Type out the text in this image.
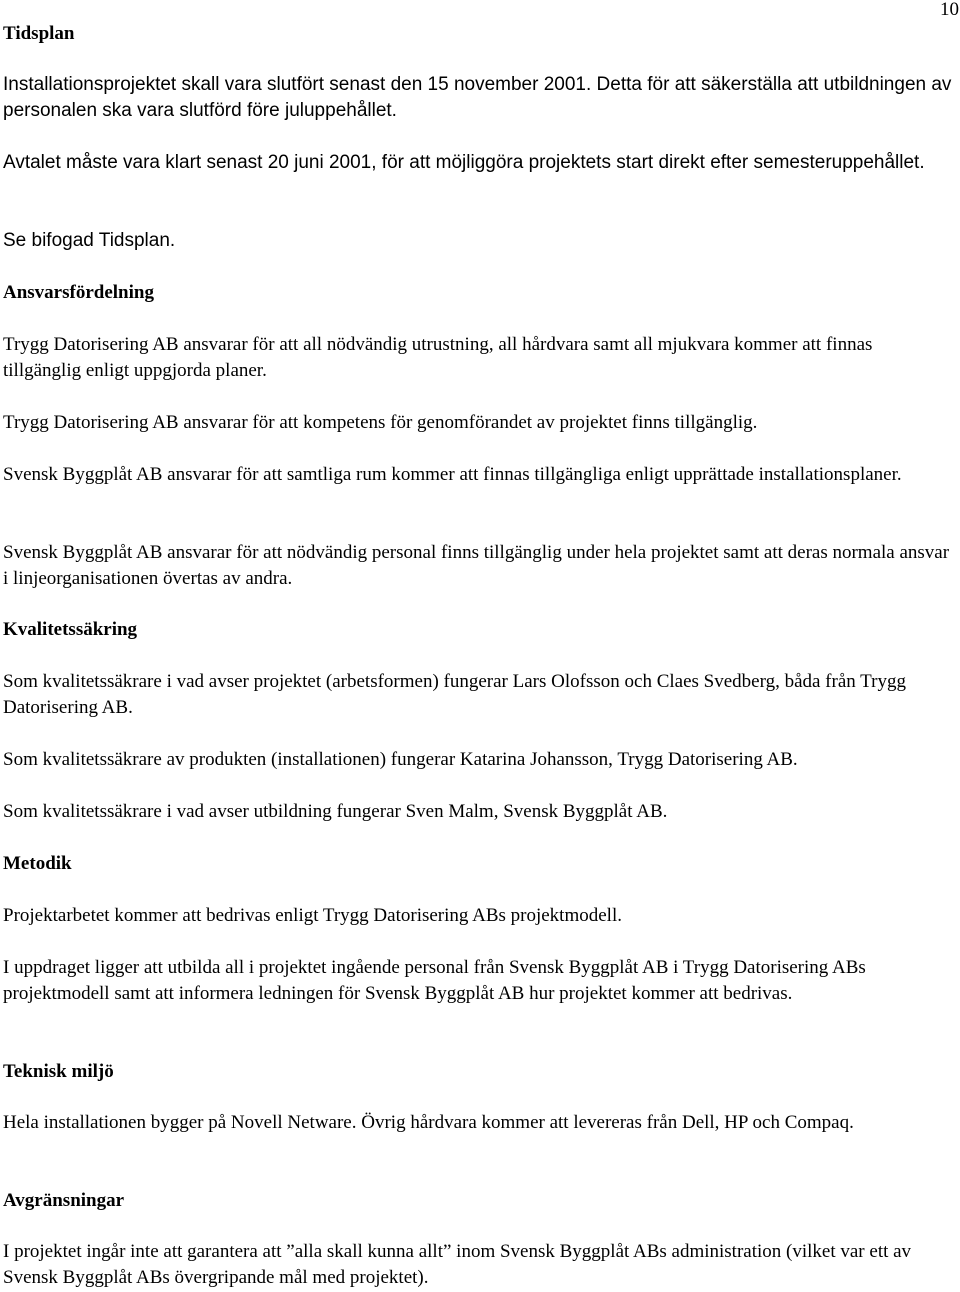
10
Tidsplan

Installationsprojektet skall vara slutfört senast den 15 november 2001. Detta för att säkerställa att utbildningen av personalen ska vara slutförd före juluppehållet.

Avtalet måste vara klart senast 20 juni 2001, för att möjliggöra projektets start direkt efter semesteruppehållet.

Se bifogad Tidsplan.

Ansvarsfördelning

Trygg Datorisering AB ansvarar för att all nödvändig utrustning, all hårdvara samt all mjukvara kommer att finnas tillgänglig enligt uppgjorda planer.

Trygg Datorisering AB ansvarar för att kompetens för genomförandet av projektet finns tillgänglig.

Svensk Byggplåt AB ansvarar för att samtliga rum kommer att finnas tillgängliga enligt upprättade installationsplaner.

Svensk Byggplåt AB ansvarar för att nödvändig personal finns tillgänglig under hela projektet samt att deras normala ansvar i linjeorganisationen övertas av andra.

Kvalitetssäkring

Som kvalitetssäkrare i vad avser projektet (arbetsformen) fungerar Lars Olofsson och Claes Svedberg, båda från Trygg Datorisering AB.

Som kvalitetssäkrare av produkten (installationen) fungerar Katarina Johansson, Trygg Datorisering AB.

Som kvalitetssäkrare i vad avser utbildning fungerar Sven Malm, Svensk Byggplåt AB.

Metodik

Projektarbetet kommer att bedrivas enligt Trygg Datorisering ABs projektmodell.

I uppdraget ligger att utbilda all i projektet ingående personal från Svensk Byggplåt AB i Trygg Datorisering ABs projektmodell samt att informera ledningen för Svensk Byggplåt AB hur projektet kommer att bedrivas.

Teknisk miljö

Hela installationen bygger på Novell Netware. Övrig hårdvara kommer att levereras från Dell, HP och Compaq.

Avgränsningar

I projektet ingår inte att garantera att ”alla skall kunna allt” inom Svensk Byggplåt ABs administration (vilket var ett av Svensk Byggplåt ABs övergripande mål med projektet).
